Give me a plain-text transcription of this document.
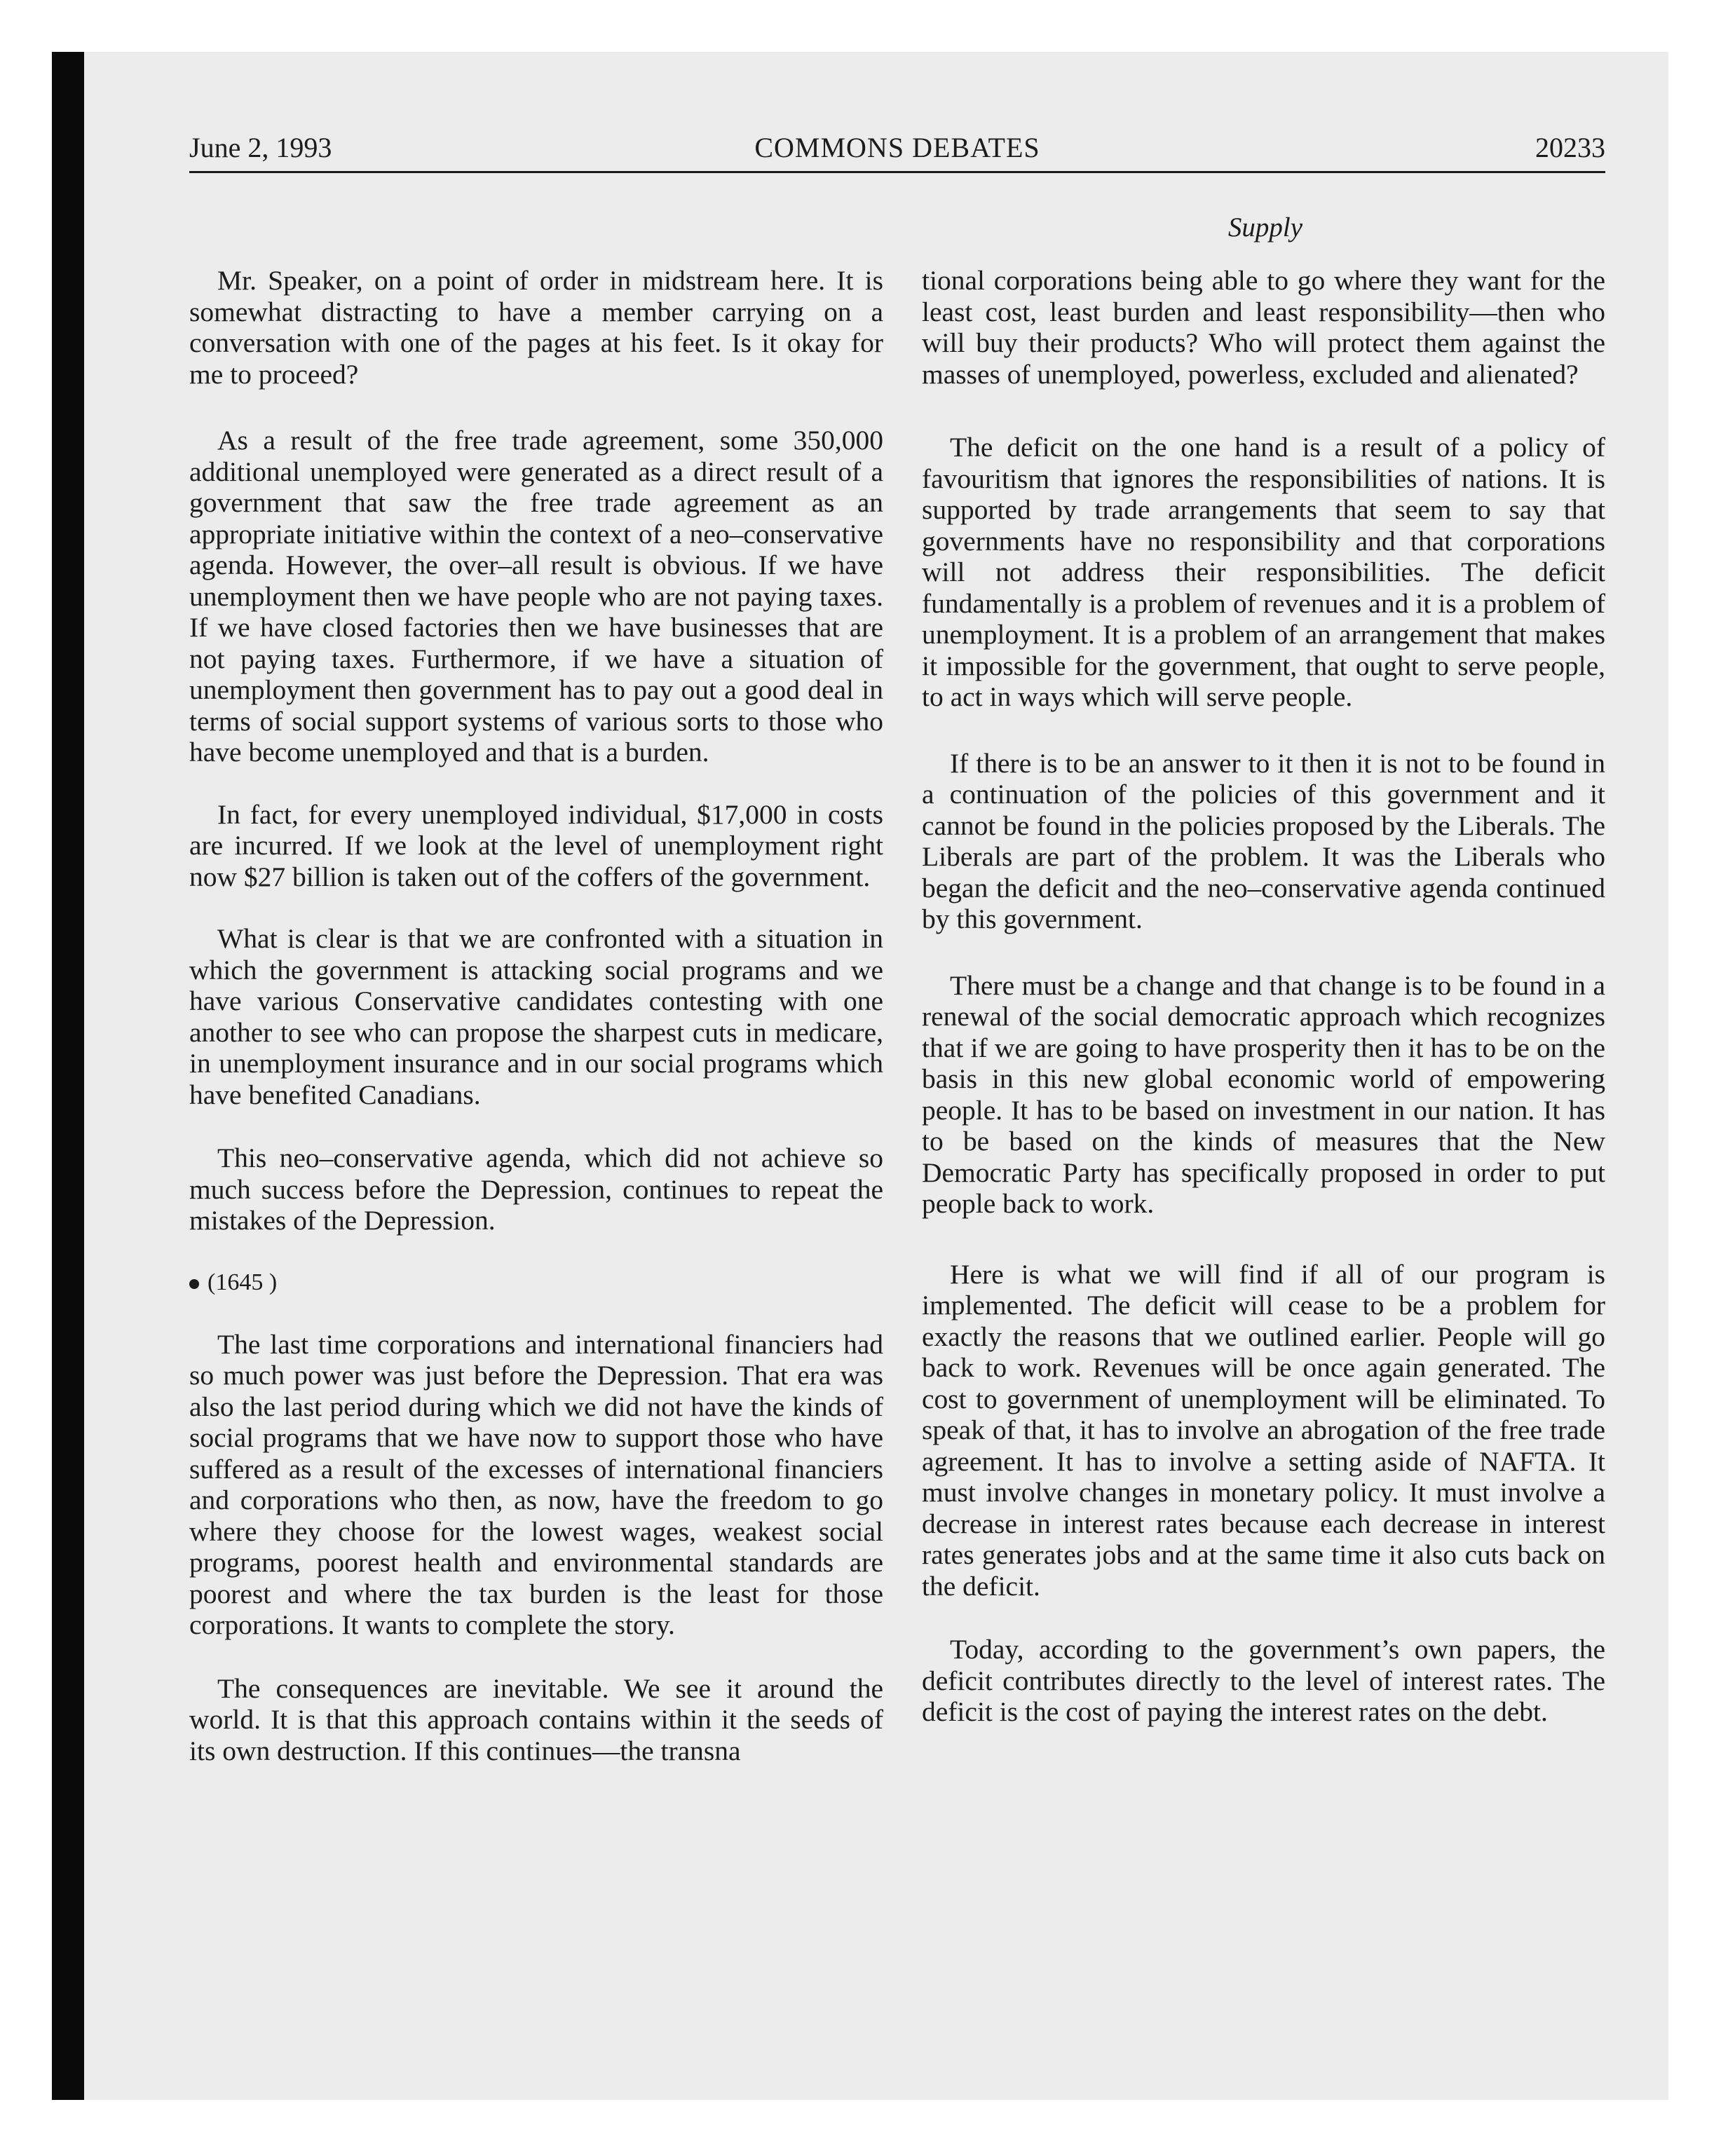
June 2, 1993	COMMONS DEBATES	20233
Supply

Mr. Speaker, on a point of order in midstream here. It is somewhat distracting to have a member carrying on a conversation with one of the pages at his feet. Is it okay for me to proceed?

As a result of the free trade agreement, some 350,000 additional unemployed were generated as a direct result of a government that saw the free trade agreement as an appropriate initiative within the context of a neo–conservative agenda. However, the over–all result is obvious. If we have unemployment then we have people who are not paying taxes. If we have closed factories then we have businesses that are not paying taxes. Furthermore, if we have a situation of unemployment then government has to pay out a good deal in terms of social support systems of various sorts to those who have become unemployed and that is a burden.

In fact, for every unemployed individual, $17,000 in costs are incurred. If we look at the level of unemployment right now $27 billion is taken out of the coffers of the government.

What is clear is that we are confronted with a situation in which the government is attacking social programs and we have various Conservative candidates contesting with one another to see who can propose the sharpest cuts in medicare, in unemployment insurance and in our social programs which have benefited Canadians.

This neo–conservative agenda, which did not achieve so much success before the Depression, continues to repeat the mistakes of the Depression.

(1645 )

The last time corporations and international financiers had so much power was just before the Depression. That era was also the last period during which we did not have the kinds of social programs that we have now to support those who have suffered as a result of the excesses of international financiers and corporations who then, as now, have the freedom to go where they choose for the lowest wages, weakest social programs, poorest health and environmental standards are poorest and where the tax burden is the least for those corporations. It wants to complete the story.

The consequences are inevitable. We see it around the world. It is that this approach contains within it the seeds of its own destruction. If this continues—the transna

tional corporations being able to go where they want for the least cost, least burden and least responsibility—then who will buy their products? Who will protect them against the masses of unemployed, powerless, excluded and alienated?

The deficit on the one hand is a result of a policy of favouritism that ignores the responsibilities of nations. It is supported by trade arrangements that seem to say that governments have no responsibility and that corporations will not address their responsibilities. The deficit fundamentally is a problem of revenues and it is a problem of unemployment. It is a problem of an arrangement that makes it impossible for the government, that ought to serve people, to act in ways which will serve people.

If there is to be an answer to it then it is not to be found in a continuation of the policies of this government and it cannot be found in the policies proposed by the Liberals. The Liberals are part of the problem. It was the Liberals who began the deficit and the neo–conservative agenda continued by this government.

There must be a change and that change is to be found in a renewal of the social democratic approach which recognizes that if we are going to have prosperity then it has to be on the basis in this new global economic world of empowering people. It has to be based on investment in our nation. It has to be based on the kinds of measures that the New Democratic Party has specifically proposed in order to put people back to work.

Here is what we will find if all of our program is implemented. The deficit will cease to be a problem for exactly the reasons that we outlined earlier. People will go back to work. Revenues will be once again generated. The cost to government of unemployment will be eliminated. To speak of that, it has to involve an abrogation of the free trade agreement. It has to involve a setting aside of NAFTA. It must involve changes in monetary policy. It must involve a decrease in interest rates because each decrease in interest rates generates jobs and at the same time it also cuts back on the deficit.

Today, according to the government’s own papers, the deficit contributes directly to the level of interest rates. The deficit is the cost of paying the interest rates on the debt.
